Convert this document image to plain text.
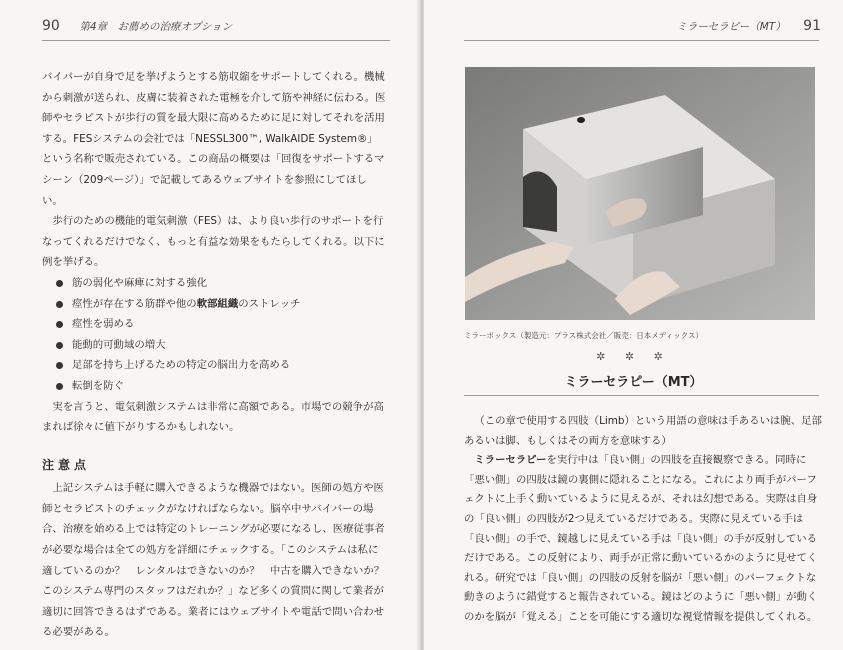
90 第4章　お薦めの治療オプション

バイパーが自身で足を挙げようとする筋収縮をサポートしてくれる。機械から刺激が送られ、皮膚に装着された電極を介して筋や神経に伝わる。医師やセラピストが歩行の質を最大限に高めるために足に対してそれを活用する。FESシステムの会社では「NESSL300™, WalkAIDE System®」という名称で販売されている。この商品の概要は「回復をサポートするマシーン（209ページ）」で記載してあるウェブサイトを参照にしてほしい。

歩行のための機能的電気刺激（FES）は、より良い歩行のサポートを行なってくれるだけでなく、もっと有益な効果をもたらしてくれる。以下に例を挙げる。

筋の弱化や麻痺に対する強化
痙性が存在する筋群や他の軟部組織のストレッチ
痙性を弱める
能動的可動域の増大
足部を持ち上げるための特定の脳出力を高める
転倒を防ぐ

実を言うと、電気刺激システムは非常に高額である。市場での競争が高まれば徐々に値下がりするかもしれない。

注意点

上記システムは手軽に購入できるような機器ではない。医師の処方や医師とセラピストのチェックがなければならない。脳卒中サバイバーの場合、治療を始める上では特定のトレーニングが必要になるし、医療従事者が必要な場合は全ての処方を詳細にチェックする。「このシステムは私に適しているのか？　レンタルはできないのか？　中古を購入できないか？　このシステム専門のスタッフはだれか？」など多くの質問に関して業者が適切に回答できるはずである。業者にはウェブサイトや電話で問い合わせる必要がある。

ミラーセラピー（MT） 91
ミラーボックス（製造元：プラス株式会社／販売：日本メディックス）
✲ ✲ ✲
ミラーセラピー（MT）

（この章で使用する四肢（Limb）という用語の意味は手あるいは腕、足部あるいは脚、もしくはその両方を意味する）

ミラーセラピーを実行中は「良い側」の四肢を直接観察できる。同時に「悪い側」の四肢は鏡の裏側に隠れることになる。これにより両手がパーフェクトに上手く動いているように見えるが、それは幻想である。実際は自身の「良い側」の四肢が2つ見えているだけである。実際に見えている手は「良い側」の手で、鏡越しに見えている手は「良い側」の手が反射しているだけである。この反射により、両手が正常に動いているかのように見せてくれる。研究では「良い側」の四肢の反射を脳が「悪い側」のパーフェクトな動きのように錯覚すると報告されている。鏡はどのように「悪い側」が動くのかを脳が「覚える」ことを可能にする適切な視覚情報を提供してくれる。
